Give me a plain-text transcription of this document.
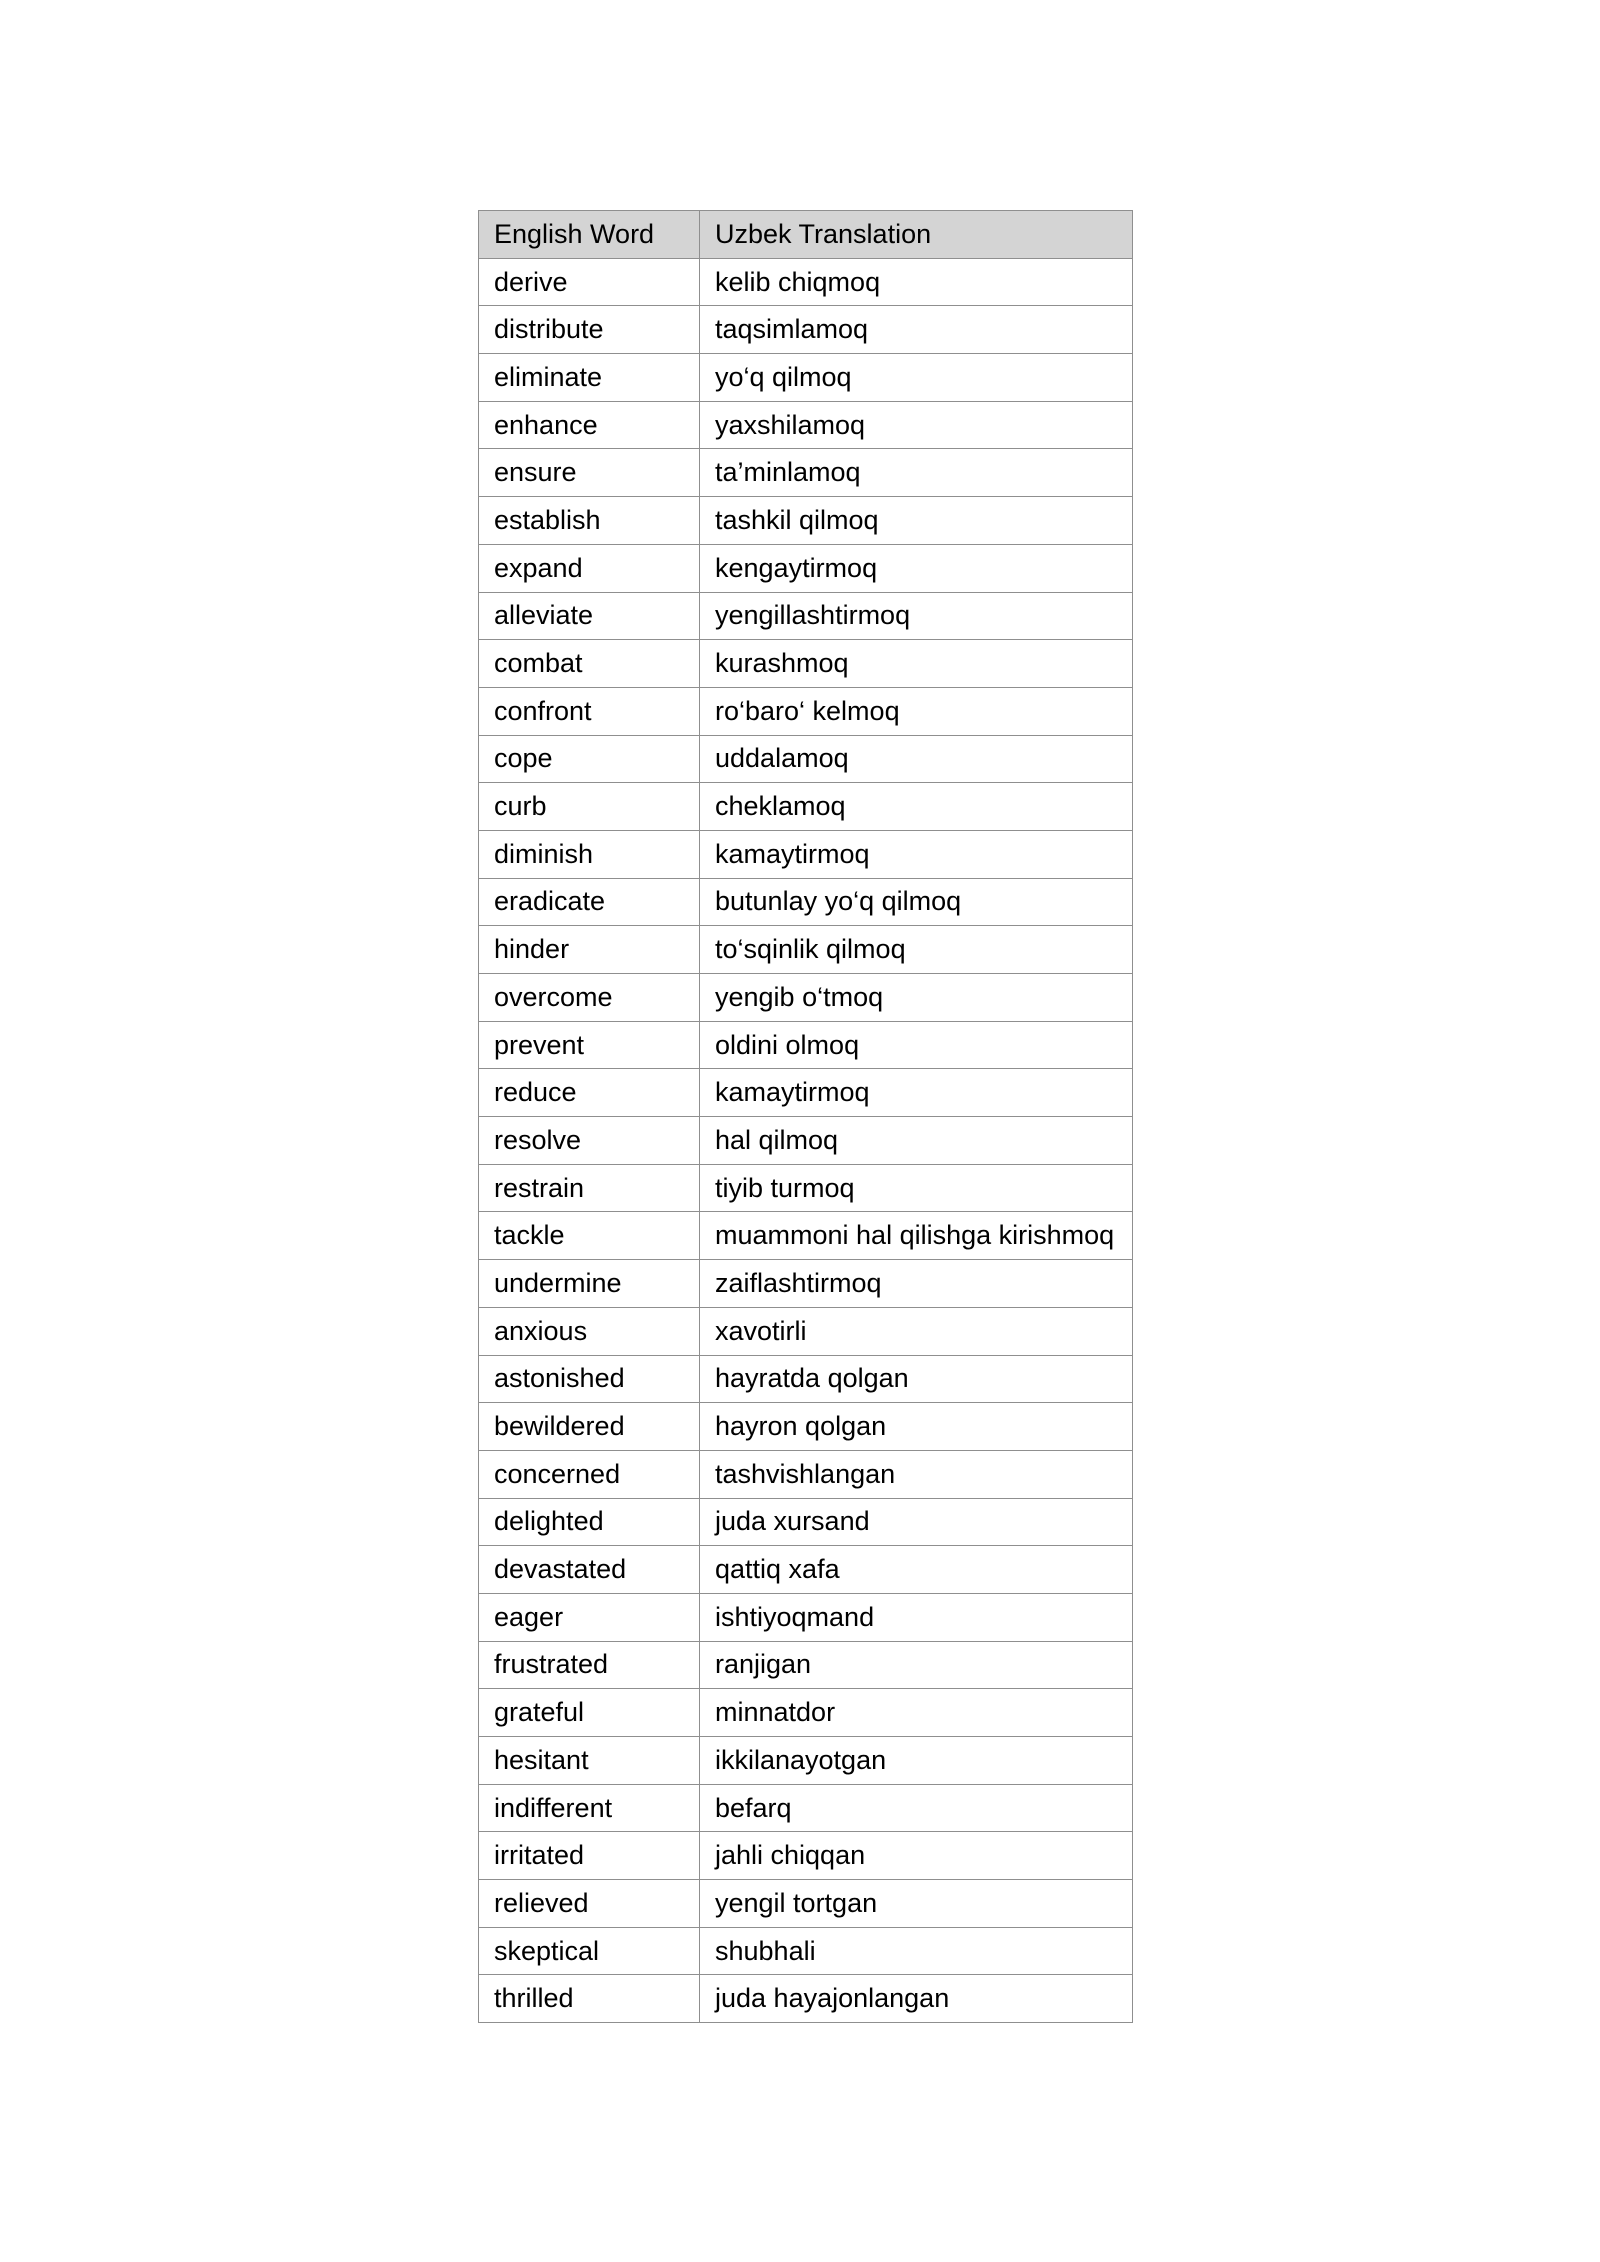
English Word	Uzbek Translation
derive	kelib chiqmoq
distribute	taqsimlamoq
eliminate	yo‘q qilmoq
enhance	yaxshilamoq
ensure	ta’minlamoq
establish	tashkil qilmoq
expand	kengaytirmoq
alleviate	yengillashtirmoq
combat	kurashmoq
confront	ro‘baro‘ kelmoq
cope	uddalamoq
curb	cheklamoq
diminish	kamaytirmoq
eradicate	butunlay yo‘q qilmoq
hinder	to‘sqinlik qilmoq
overcome	yengib o‘tmoq
prevent	oldini olmoq
reduce	kamaytirmoq
resolve	hal qilmoq
restrain	tiyib turmoq
tackle	muammoni hal qilishga kirishmoq
undermine	zaiflashtirmoq
anxious	xavotirli
astonished	hayratda qolgan
bewildered	hayron qolgan
concerned	tashvishlangan
delighted	juda xursand
devastated	qattiq xafa
eager	ishtiyoqmand
frustrated	ranjigan
grateful	minnatdor
hesitant	ikkilanayotgan
indifferent	befarq
irritated	jahli chiqqan
relieved	yengil tortgan
skeptical	shubhali
thrilled	juda hayajonlangan
